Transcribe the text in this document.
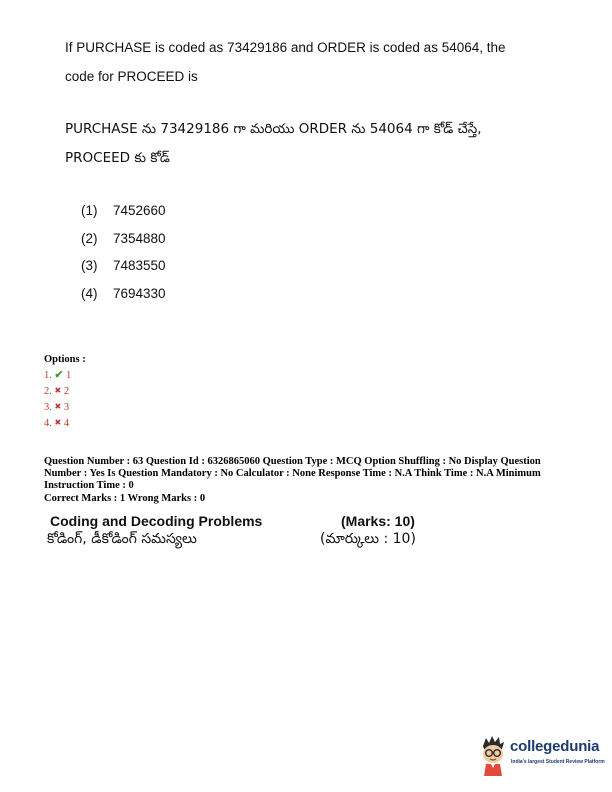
If PURCHASE is coded as 73429186 and ORDER is coded as 54064, the
code for PROCEED is
PURCHASE ను 73429186 గా మరియు ORDER ను 54064 గా కోడ్ చేస్తే,
PROCEED కు కోడ్
(1) 7452660
(2) 7354880
(3) 7483550
(4) 7694330
Options :
1. ✔ 1
2. ✖ 2
3. ✖ 3
4. ✖ 4
Question Number : 63 Question Id : 6326865060 Question Type : MCQ Option Shuffling : No Display Question Number : Yes Is Question Mandatory : No Calculator : None Response Time : N.A Think Time : N.A Minimum Instruction Time : 0
Correct Marks : 1 Wrong Marks : 0
Coding and Decoding Problems	(Marks: 10)
కోడింగ్, డీకోడింగ్ సమస్యలు	(మార్కులు : 10)
collegedunia
India's largest Student Review Platform
